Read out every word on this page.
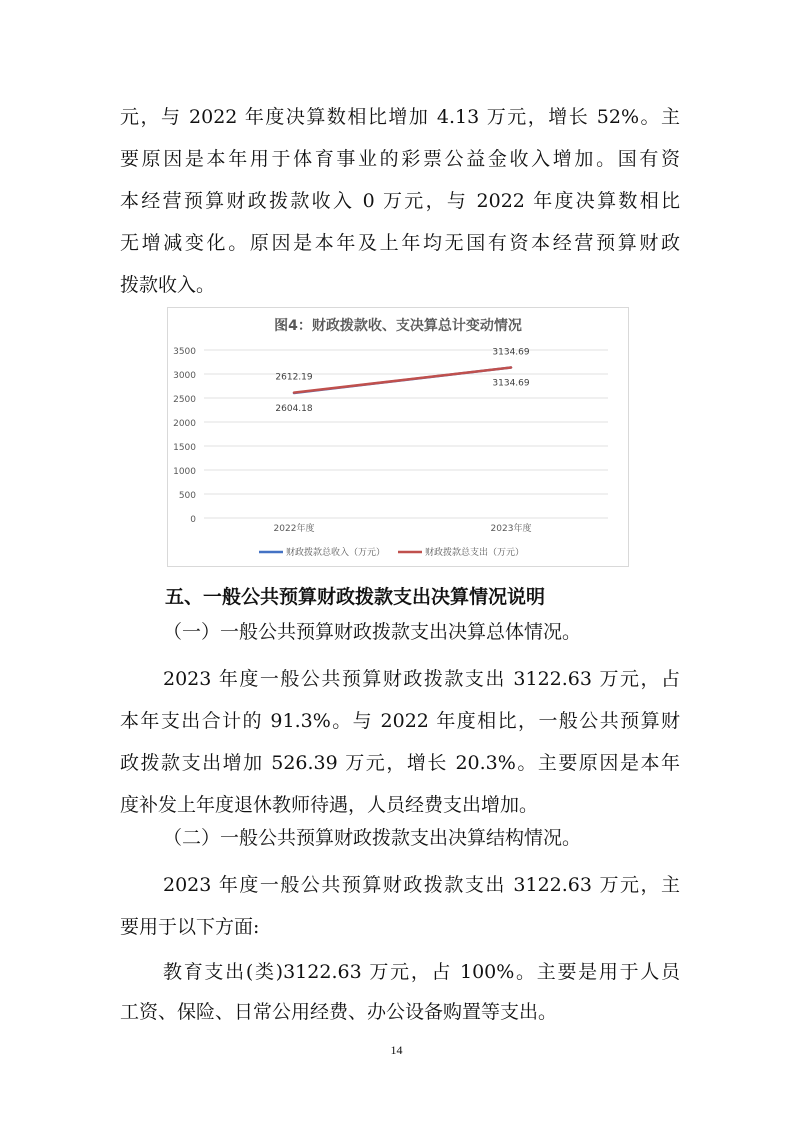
元，与 2022 年度决算数相比增加 4.13 万元，增长 52%。主
要原因是本年用于体育事业的彩票公益金收入增加。国有资
本经营预算财政拨款收入 0 万元，与 2022 年度决算数相比
无增减变化。原因是本年及上年均无国有资本经营预算财政
拨款收入。
图4：财政拨款收、支决算总计变动情况
0
500
1000
1500
2000
2500
3000
3500
2022年度	2023年度
2604.18
3134.69
2612.19
3134.69
财政拨款总收入（万元）	财政拨款总支出（万元）
五、一般公共预算财政拨款支出决算情况说明
（一）一般公共预算财政拨款支出决算总体情况。
2023 年度一般公共预算财政拨款支出 3122.63 万元，占
本年支出合计的 91.3%。与 2022 年度相比，一般公共预算财
政拨款支出增加 526.39 万元，增长 20.3%。主要原因是本年
度补发上年度退休教师待遇，人员经费支出增加。
（二）一般公共预算财政拨款支出决算结构情况。
2023 年度一般公共预算财政拨款支出 3122.63 万元，主
要用于以下方面:
教育支出(类)3122.63 万元，占 100%。主要是用于人员
工资、保险、日常公用经费、办公设备购置等支出。
14
